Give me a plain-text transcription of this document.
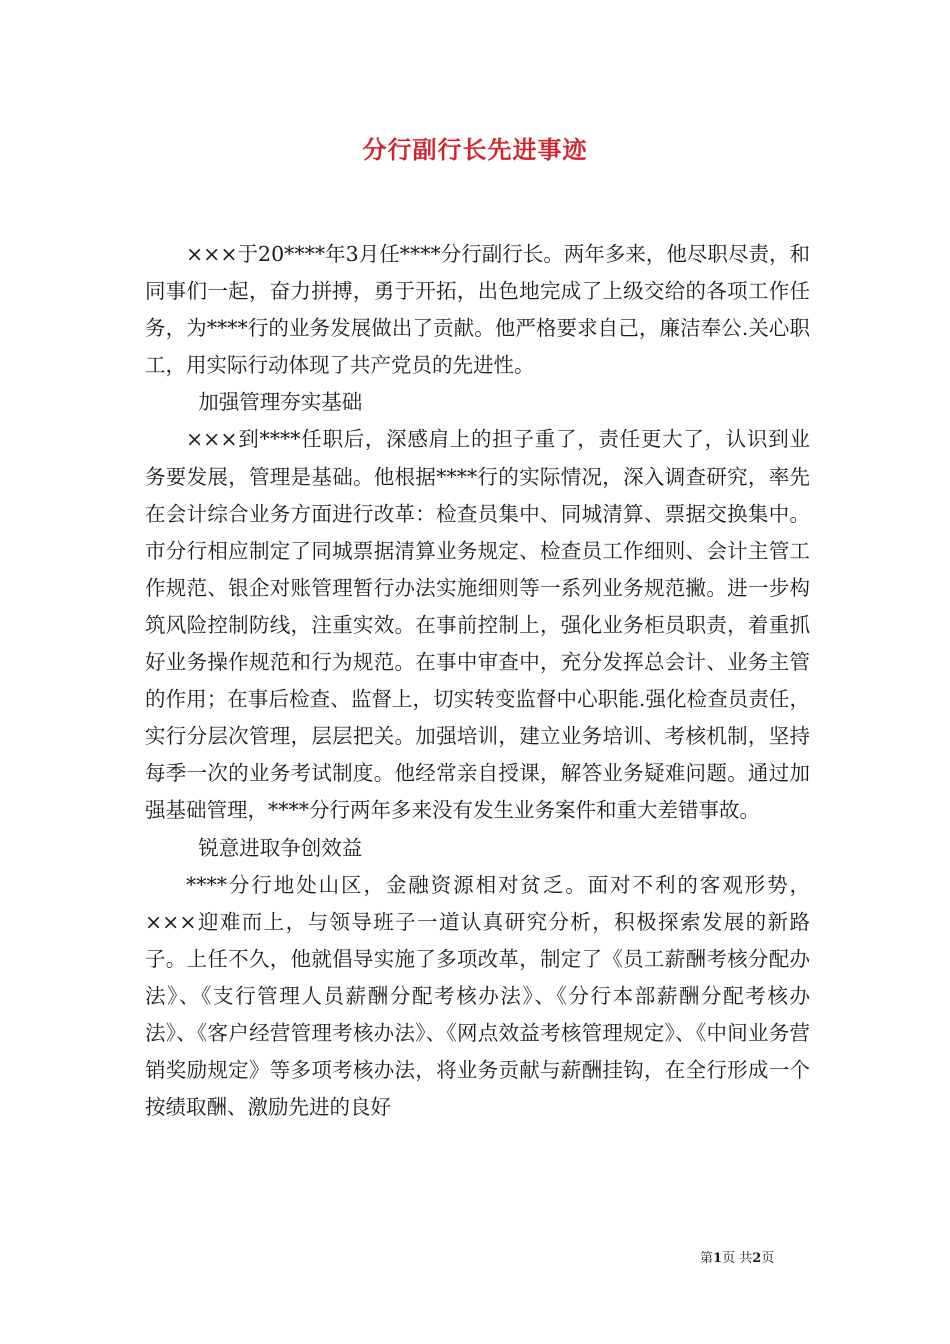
分行副行长先进事迹

×××于20****年3月任****分行副行长。两年多来，他尽职尽责，和同事们一起，奋力拼搏，勇于开拓，出色地完成了上级交给的各项工作任务，为****行的业务发展做出了贡献。他严格要求自己，廉洁奉公.关心职工，用实际行动体现了共产党员的先进性。

加强管理夯实基础

×××到****任职后，深感肩上的担子重了，责任更大了，认识到业务要发展，管理是基础。他根据****行的实际情况，深入调查研究，率先在会计综合业务方面进行改革：检查员集中、同城清算、票据交换集中。市分行相应制定了同城票据清算业务规定、检查员工作细则、会计主管工作规范、银企对账管理暂行办法实施细则等一系列业务规范撇。进一步构筑风险控制防线，注重实效。在事前控制上，强化业务柜员职责，着重抓好业务操作规范和行为规范。在事中审查中，充分发挥总会计、业务主管的作用；在事后检查、监督上，切实转变监督中心职能.强化检查员责任，实行分层次管理，层层把关。加强培训，建立业务培训、考核机制，坚持每季一次的业务考试制度。他经常亲自授课，解答业务疑难问题。通过加强基础管理，****分行两年多来没有发生业务案件和重大差错事故。

锐意进取争创效益

****分行地处山区，金融资源相对贫乏。面对不利的客观形势，×××迎难而上，与领导班子一道认真研究分析，积极探索发展的新路子。上任不久，他就倡导实施了多项改革，制定了《员工薪酬考核分配办法》、《支行管理人员薪酬分配考核办法》、《分行本部薪酬分配考核办法》、《客户经营管理考核办法》、《网点效益考核管理规定》、《中间业务营销奖励规定》等多项考核办法，将业务贡献与薪酬挂钩，在全行形成一个按绩取酬、激励先进的良好

第1页 共2页
